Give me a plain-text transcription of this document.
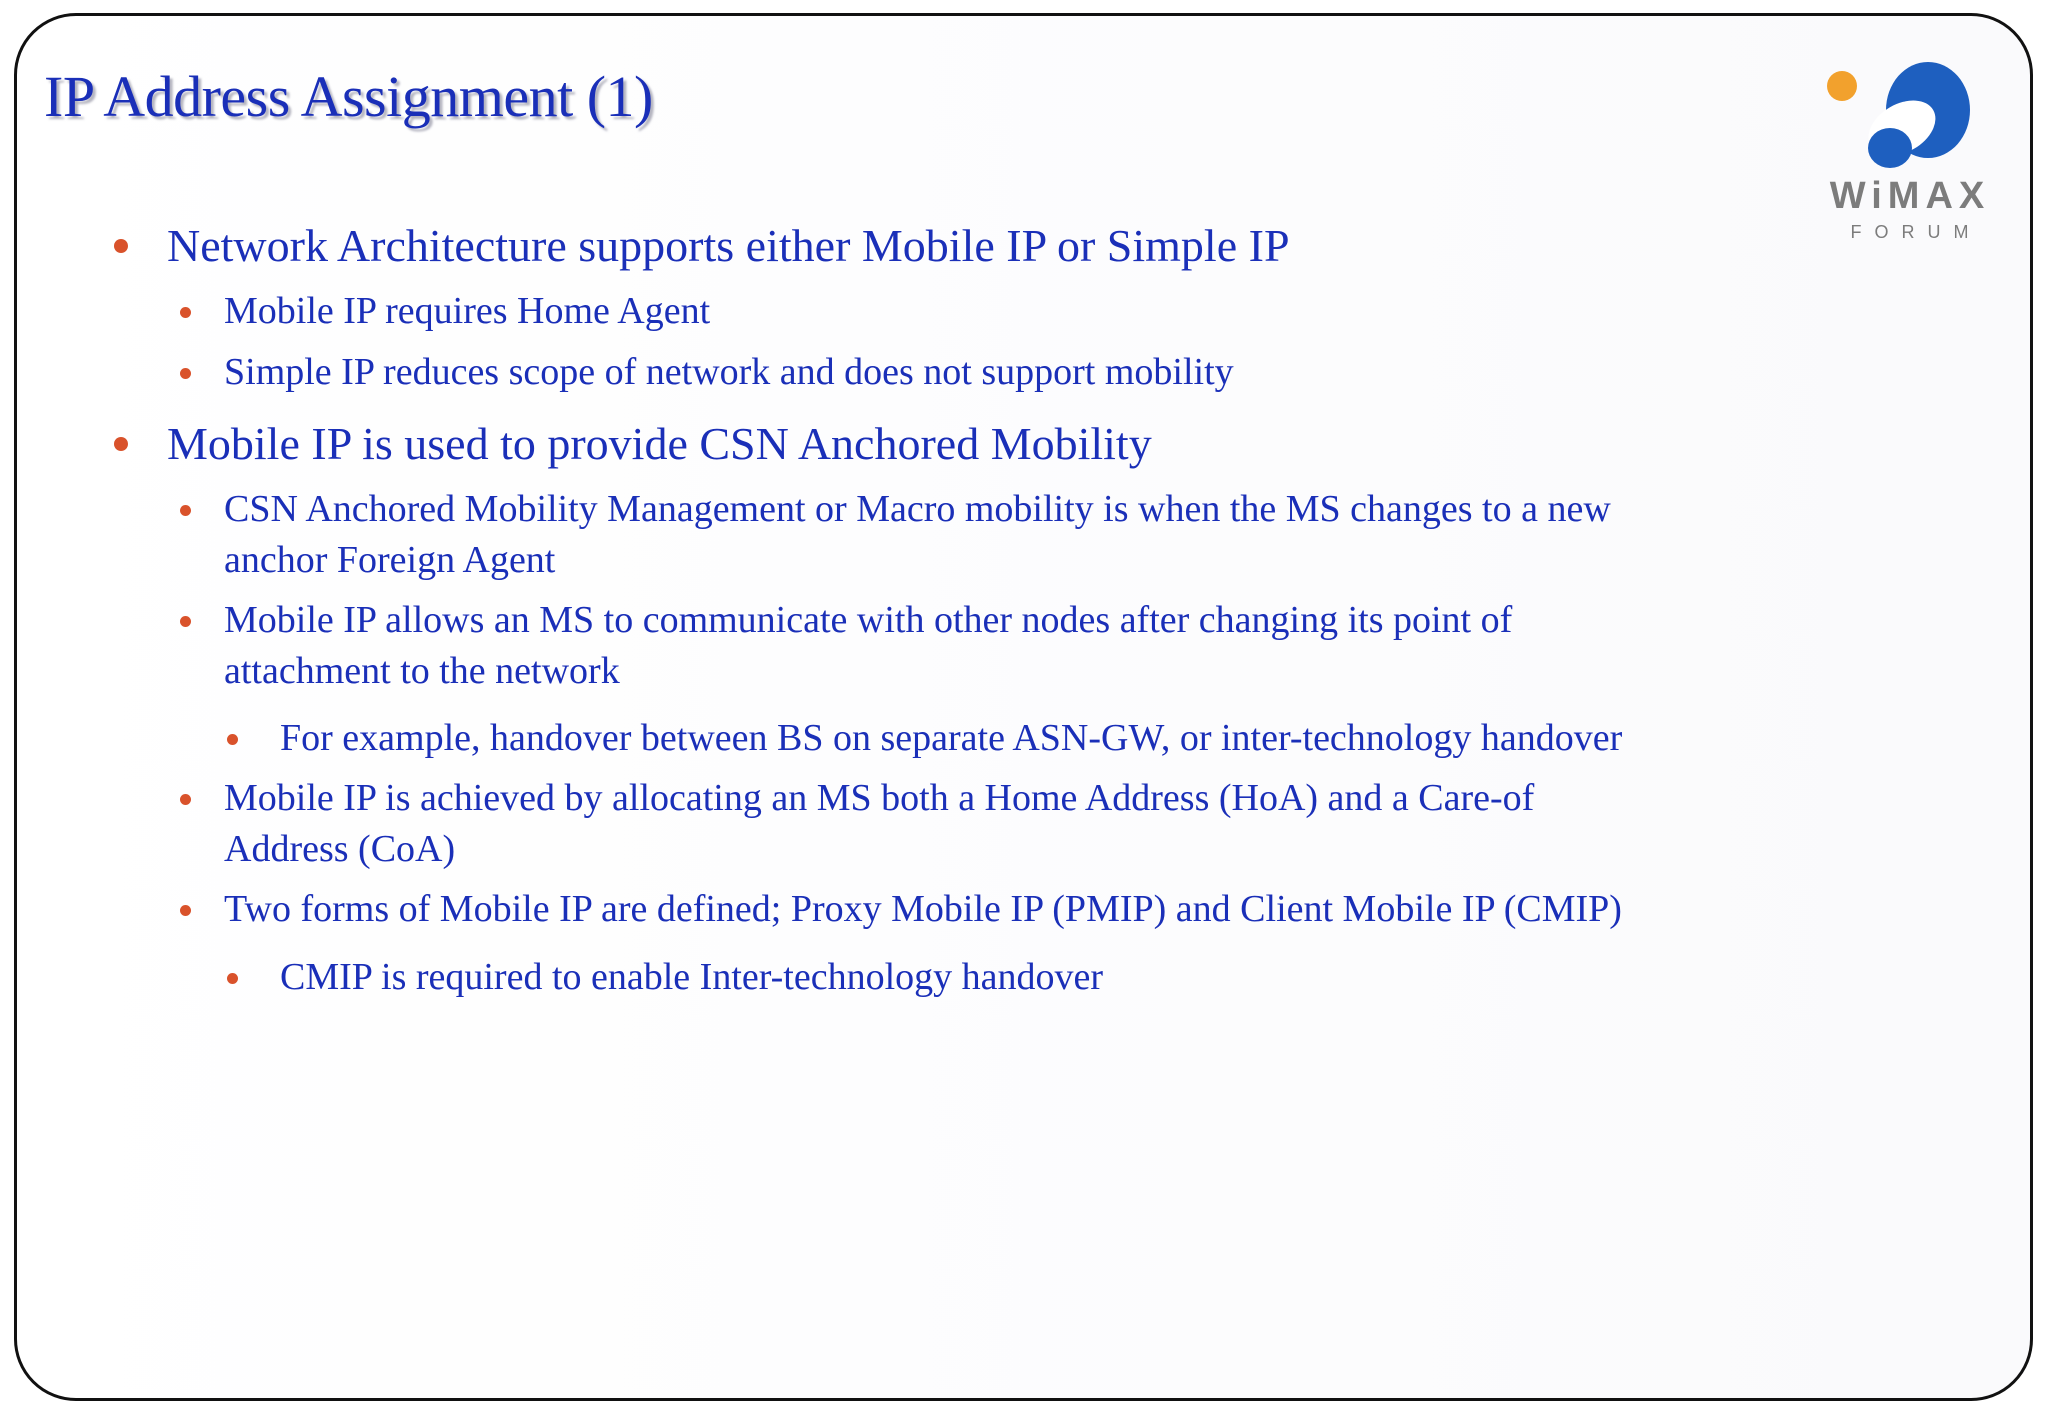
IP Address Assignment (1)
WiMAX
FORUM
Network Architecture supports either Mobile IP or Simple IP
Mobile IP requires Home Agent
Simple IP reduces scope of network and does not support mobility
Mobile IP is used to provide CSN Anchored Mobility
CSN Anchored Mobility Management or Macro mobility is when the MS changes to a new
anchor Foreign Agent
Mobile IP allows an MS to communicate with other nodes after changing its point of
attachment to the network
For example, handover between BS on separate ASN-GW, or inter-technology handover
Mobile IP is achieved by allocating an MS both a Home Address (HoA) and a Care-of
Address (CoA)
Two forms of Mobile IP are defined; Proxy Mobile IP (PMIP) and Client Mobile IP (CMIP)
CMIP is required to enable Inter-technology handover
